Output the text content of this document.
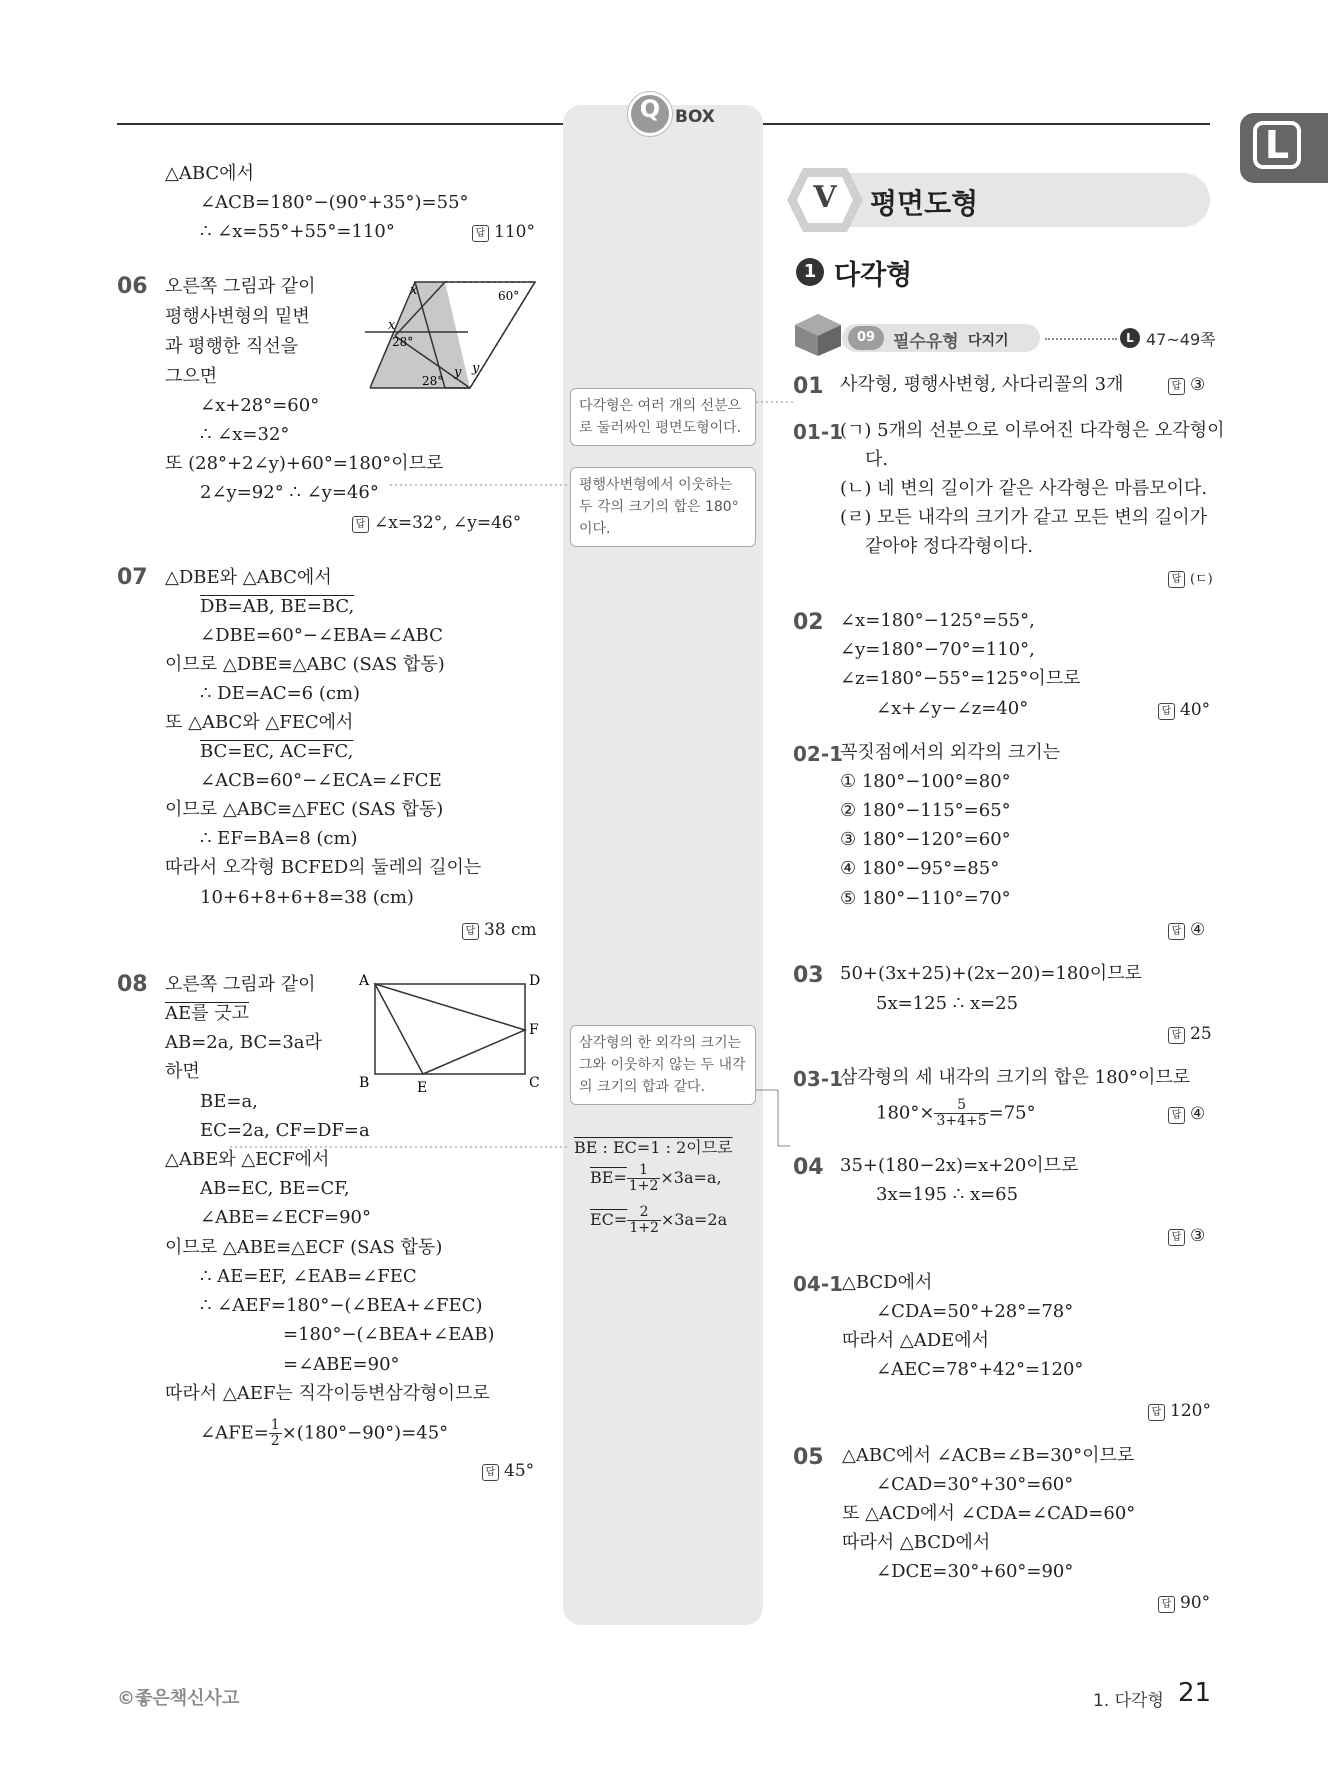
Q BOX
L
△ABC에서
∠ACB=180°−(90°+35°)=55°
∴ ∠x=55°+55°=110°	답 110°
06 오른쪽 그림과 같이
평행사변형의 밑변
과 평행한 직선을
그으면
∠x+28°=60°
∴ ∠x=32°
또 (28°+2∠y)+60°=180°이므로
2∠y=92° ∴ ∠y=46°
답 ∠x=32°, ∠y=46°
x
x
60°
28°
28°
y y
07 △DBE와 △ABC에서
DB=AB, BE=BC,
∠DBE=60°−∠EBA=∠ABC
이므로 △DBE≡△ABC (SAS 합동)
∴ DE=AC=6 (cm)
또 △ABC와 △FEC에서
BC=EC, AC=FC,
∠ACB=60°−∠ECA=∠FCE
이므로 △ABC≡△FEC (SAS 합동)
∴ EF=BA=8 (cm)
따라서 오각형 BCFED의 둘레의 길이는
10+6+8+6+8=38 (cm)
답 38 cm
08 오른쪽 그림과 같이
AE를 긋고
AB=2a, BC=3a라
하면
BE=a,
EC=2a, CF=DF=a
△ABE와 △ECF에서
AB=EC, BE=CF,
∠ABE=∠ECF=90°
이므로 △ABE≡△ECF (SAS 합동)
∴ AE=EF, ∠EAB=∠FEC
∴ ∠AEF=180°−(∠BEA+∠FEC)
=180°−(∠BEA+∠EAB)
=∠ABE=90°
따라서 △AEF는 직각이등변삼각형이므로
∠AFE= $\frac{1}{2} \times(180^\circ-90^\circ)=45^\circ$
답 45°
A	D
B	C
E
F
다각형은 여러 개의 선분으로 둘러싸인 평면도형이다.
평행사변형에서 이웃하는 두 각의 크기의 합은 180°이다.
삼각형의 한 외각의 크기는 그와 이웃하지 않는 두 내각의 크기의 합과 같다.
BE : EC=1 : 2이므로
$BE= \frac{1}{1+2} \times 3a=a$,
$EC= \frac{2}{1+2} \times 3a=2a$
V 평면도형
1 다각형
09	필수유형 다지기	L 47~49쪽
01 사각형, 평행사변형, 사다리꼴의 3개	답 ③
01-1
(ㄱ) 5개의 선분으로 이루어진 다각형은 오각형이
다.
(ㄴ) 네 변의 길이가 같은 사각형은 마름모이다.
(ㄹ) 모든 내각의 크기가 같고 모든 변의 길이가
같아야 정다각형이다.
답 (ㄷ)
02 ∠x=180°−125°=55°,
∠y=180°−70°=110°,
∠z=180°−55°=125°이므로
∠x+∠y−∠z=40°	답 40°
02-1
꼭짓점에서의 외각의 크기는
① 180°−100°=80°
② 180°−115°=65°
③ 180°−120°=60°
④ 180°−95°=85°
⑤ 180°−110°=70°
답 ④
03 50+(3x+25)+(2x−20)=180이므로
5x=125 ∴ x=25
답 25
03-1
삼각형의 세 내각의 크기의 합은 180°이므로
$180^\circ\times \frac{5}{3+4+5} =75^\circ$	답 ④
04 35+(180−2x)=x+20이므로
3x=195 ∴ x=65
답 ③
04-1
△BCD에서
∠CDA=50°+28°=78°
따라서 △ADE에서
∠AEC=78°+42°=120°
답 120°
05 △ABC에서 ∠ACB=∠B=30°이므로
∠CAD=30°+30°=60°
또 △ACD에서 ∠CDA=∠CAD=60°
따라서 △BCD에서
∠DCE=30°+60°=90°
답 90°
©좋은책신사고	1. 다각형 21
